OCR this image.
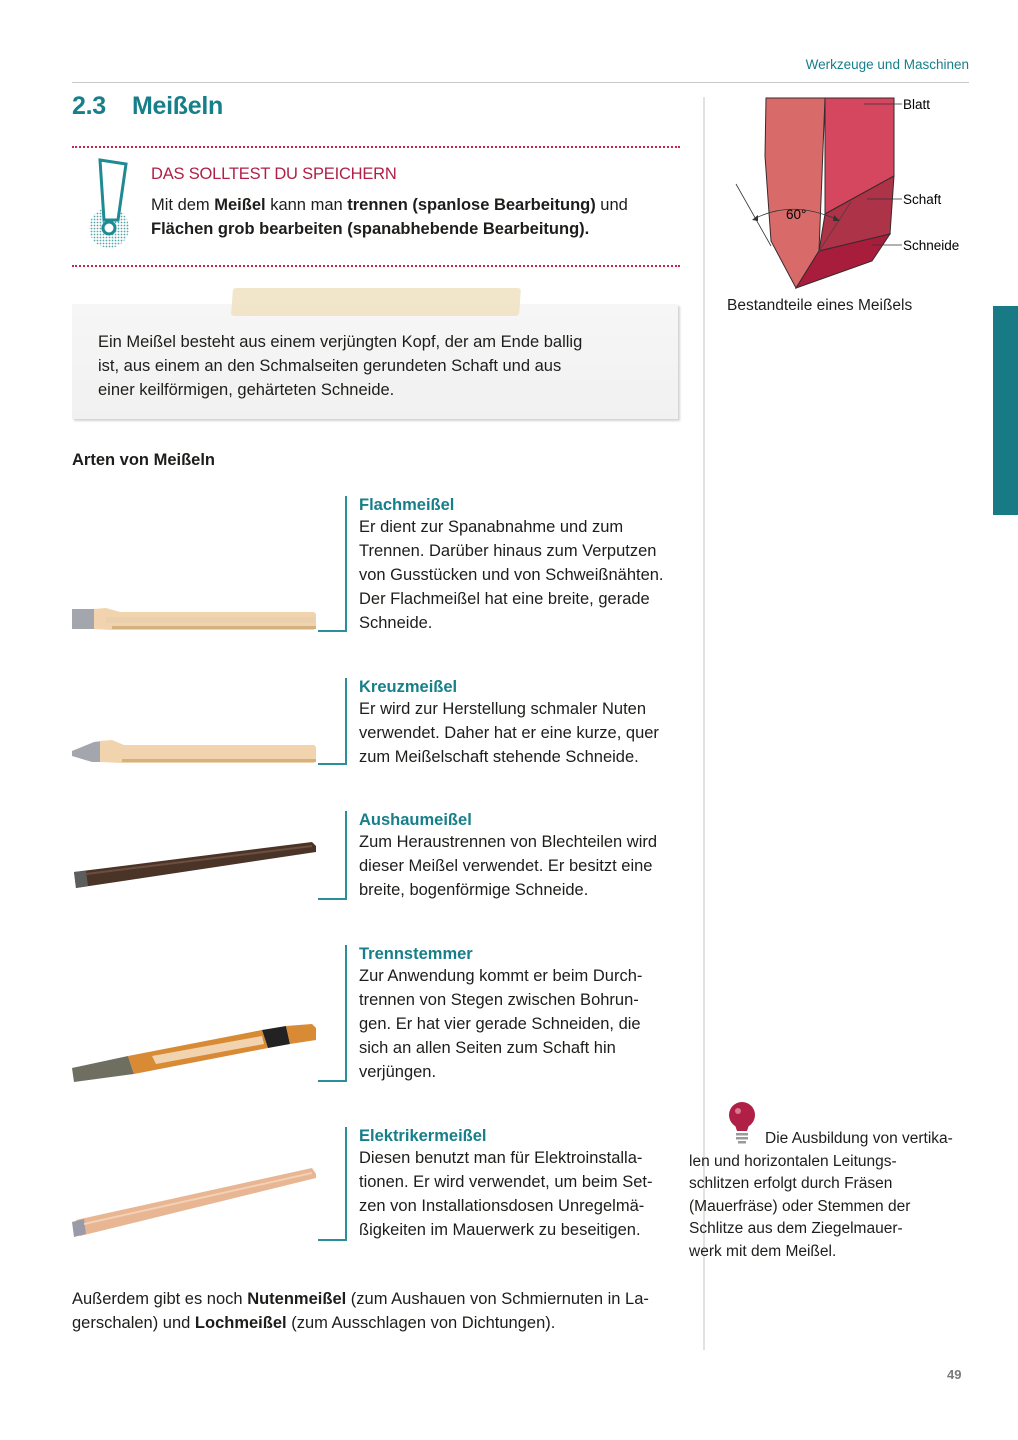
Werkzeuge und Maschinen
2.3 Meißeln
DAS SOLLTEST DU SPEICHERN
Mit dem Meißel kann man trennen (spanlose Bearbeitung) und
Flächen grob bearbeiten (spanabhebende Bearbeitung).
Ein Meißel besteht aus einem verjüngten Kopf, der am Ende ballig
ist, aus einem an den Schmalseiten gerundeten Schaft und aus
einer keilförmigen, gehärteten Schneide.
Arten von Meißeln
Flachmeißel
Er dient zur Spanabnahme und zum
Trennen. Darüber hinaus zum Verputzen
von Gusstücken und von Schweißnähten.
Der Flachmeißel hat eine breite, gerade
Schneide.
Kreuzmeißel
Er wird zur Herstellung schmaler Nuten
verwendet. Daher hat er eine kurze, quer
zum Meißelschaft stehende Schneide.
Aushaumeißel
Zum Heraustrennen von Blechteilen wird
dieser Meißel verwendet. Er besitzt eine
breite, bogenförmige Schneide.
Trennstemmer
Zur Anwendung kommt er beim Durch-
trennen von Stegen zwischen Bohrun-
gen. Er hat vier gerade Schneiden, die
sich an allen Seiten zum Schaft hin
verjüngen.
Elektrikermeißel
Diesen benutzt man für Elektroinstalla-
tionen. Er wird verwendet, um beim Set-
zen von Installationsdosen Unregelmä-
ßigkeiten im Mauerwerk zu beseitigen.
Außerdem gibt es noch Nutenmeißel (zum Aushauen von Schmiernuten in La-
gerschalen) und Lochmeißel (zum Ausschlagen von Dichtungen).
60°
Blatt
Schaft
Schneide
Bestandteile eines Meißels
Die Ausbildung von vertika-
len und horizontalen Leitungs-
schlitzen erfolgt durch Fräsen
(Mauerfräse) oder Stemmen der
Schlitze aus dem Ziegelmauer-
werk mit dem Meißel.
49
